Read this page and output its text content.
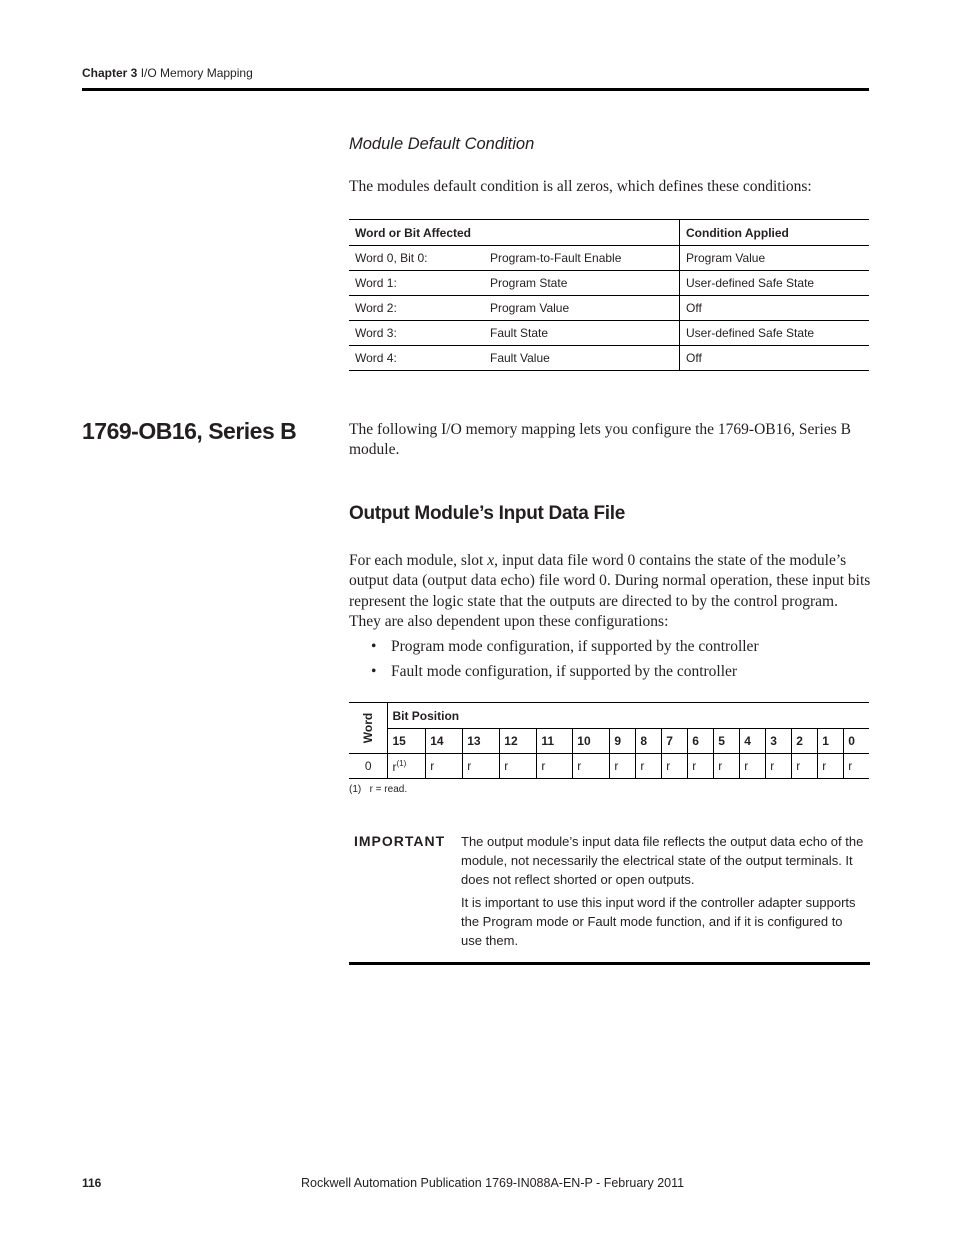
Chapter 3 I/O Memory Mapping
Module Default Condition
The modules default condition is all zeros, which defines these conditions:
Word or Bit Affected		Condition Applied
Word 0, Bit 0:	Program-to-Fault Enable	Program Value
Word 1:	Program State	User-defined Safe State
Word 2:	Program Value	Off
Word 3:	Fault State	User-defined Safe State
Word 4:	Fault Value	Off
1769-OB16, Series B	The following I/O memory mapping lets you configure the 1769-OB16, Series B module.
Output Module’s Input Data File
For each module, slot x, input data file word 0 contains the state of the module’s output data (output data echo) file word 0. During normal operation, these input bits represent the logic state that the outputs are directed to by the control program. They are also dependent upon these configurations:
• Program mode configuration, if supported by the controller
• Fault mode configuration, if supported by the controller
Word	Bit Position															
	15	14	13	12	11	10	9	8	7	6	5	4	3	2	1	0
0	$r^{(1)}$	r	r	r	r	r	r	r	r	r	r	r	r	r	r	r
(1) r = read.
IMPORTANT The output module’s input data file reflects the output data echo of the module, not necessarily the electrical state of the output terminals. It does not reflect shorted or open outputs.

It is important to use this input word if the controller adapter supports the Program mode or Fault mode function, and if it is configured to use them.

116	Rockwell Automation Publication 1769-IN088A-EN-P - February 2011
